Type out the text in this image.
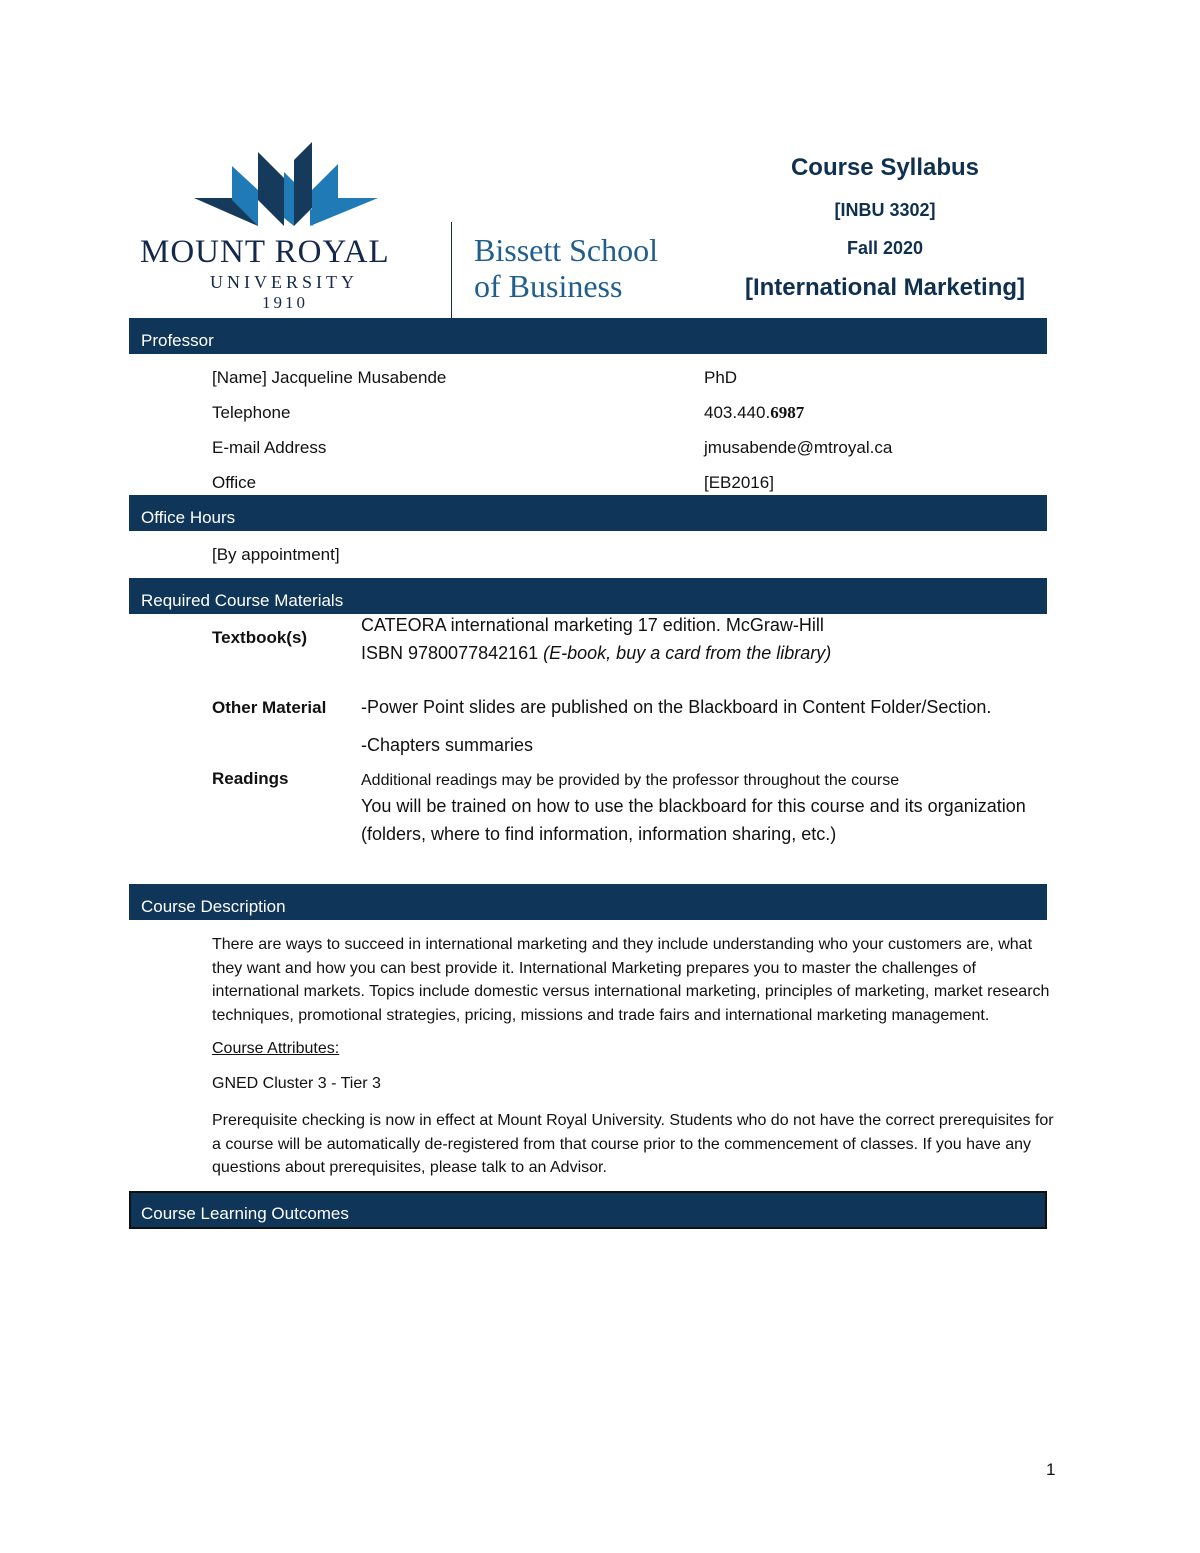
MOUNT ROYAL
UNIVERSITY
1910
Bissett School
of Business
Course Syllabus
[INBU 3302]
Fall 2020
[International Marketing]
Professor
[Name] Jacqueline Musabende	PhD
Telephone	403.440.6987
E-mail Address	jmusabende@mtroyal.ca
Office	[EB2016]
Office Hours
[By appointment]
Required Course Materials
Textbook(s)
CATEORA international marketing 17 edition. McGraw-Hill
ISBN 9780077842161 (E-book, buy a card from the library)
Other Material -Power Point slides are published on the Blackboard in Content Folder/Section.
-Chapters summaries
Readings	Additional readings may be provided by the professor throughout the course
You will be trained on how to use the blackboard for this course and its organization
(folders, where to find information, information sharing, etc.)
Course Description
There are ways to succeed in international marketing and they include understanding who your customers are, what they want and how you can best provide it. International Marketing prepares you to master the challenges of international markets. Topics include domestic versus international marketing, principles of marketing, market research techniques, promotional strategies, pricing, missions and trade fairs and international marketing management.
Course Attributes:
GNED Cluster 3 - Tier 3
Prerequisite checking is now in effect at Mount Royal University. Students who do not have the correct prerequisites for a course will be automatically de-registered from that course prior to the commencement of classes. If you have any questions about prerequisites, please talk to an Advisor.
Course Learning Outcomes
1
